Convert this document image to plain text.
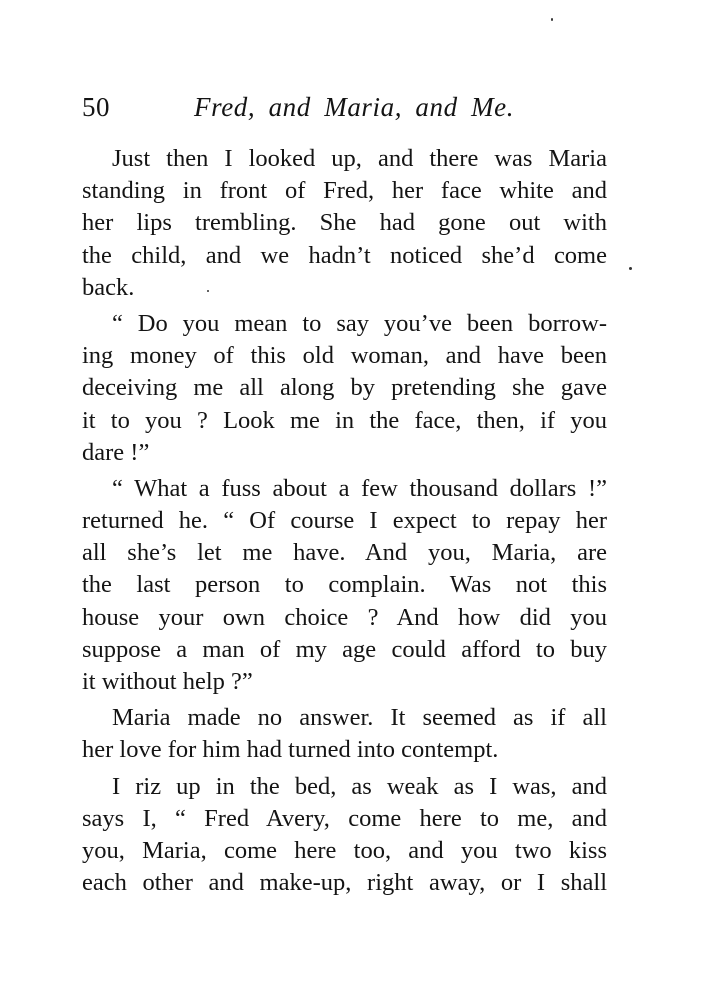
50	Fred, and Maria, and Me.
Just then I looked up, and there was Maria
standing in front of Fred, her face white and
her lips trembling. She had gone out with
the child, and we hadn’t noticed she’d come
back.
“ Do you mean to say you’ve been borrow-
ing money of this old woman, and have been
deceiving me all along by pretending she gave
it to you ? Look me in the face, then, if you
dare !”
“ What a fuss about a few thousand dollars !”
returned he. “ Of course I expect to repay her
all she’s let me have. And you, Maria, are
the last person to complain. Was not this
house your own choice ? And how did you
suppose a man of my age could afford to buy
it without help ?”
Maria made no answer. It seemed as if all
her love for him had turned into contempt.
I riz up in the bed, as weak as I was, and
says I, “ Fred Avery, come here to me, and
you, Maria, come here too, and you two kiss
each other and make-up, right away, or I shall
